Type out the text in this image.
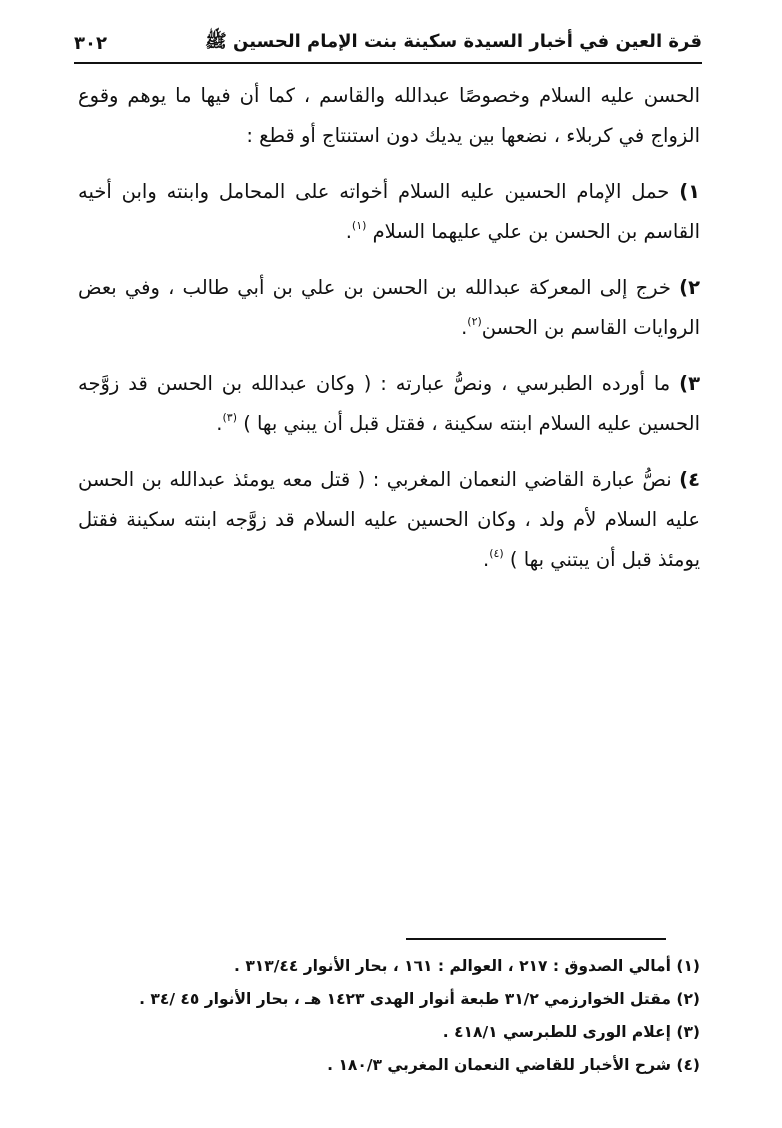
قرة العين في أخبار السيدة سكينة بنت الإمام الحسين ﷺ
٣٠٢

الحسن عليه السلام وخصوصًا عبدالله والقاسم ، كما أن فيها ما يوهم وقوع الزواج في كربلاء ، نضعها بين يديك دون استنتاج أو قطع :

١) حمل الإمام الحسين عليه السلام أخواته على المحامل وابنته وابن أخيه القاسم بن الحسن بن علي عليهما السلام $^{(١)}$.

٢) خرج إلى المعركة عبدالله بن الحسن بن علي بن أبي طالب ، وفي بعض الروايات القاسم بن الحسن$^{(٢)}$.

٣) ما أورده الطبرسي ، ونصُّ عبارته : ( وكان عبدالله بن الحسن قد زوَّجه الحسين عليه السلام ابنته سكينة ، فقتل قبل أن يبني بها ) $^{(٣)}$.

٤) نصُّ عبارة القاضي النعمان المغربي : ( قتل معه يومئذ عبدالله بن الحسن عليه السلام لأم ولد ، وكان الحسين عليه السلام قد زوَّجه ابنته سكينة فقتل يومئذ قبل أن يبتني بها ) $^{(٤)}$.

(١) أمالي الصدوق : ٢١٧ ، العوالم : ١٦١ ، بحار الأنوار ٣١٣/٤٤ .

(٢) مقتل الخوارزمي ٣١/٢ طبعة أنوار الهدى ١٤٢٣ هـ ، بحار الأنوار ٤٥ /٣٤ .

(٣) إعلام الورى للطبرسي ٤١٨/١ .

(٤) شرح الأخبار للقاضي النعمان المغربي ١٨٠/٣ .
